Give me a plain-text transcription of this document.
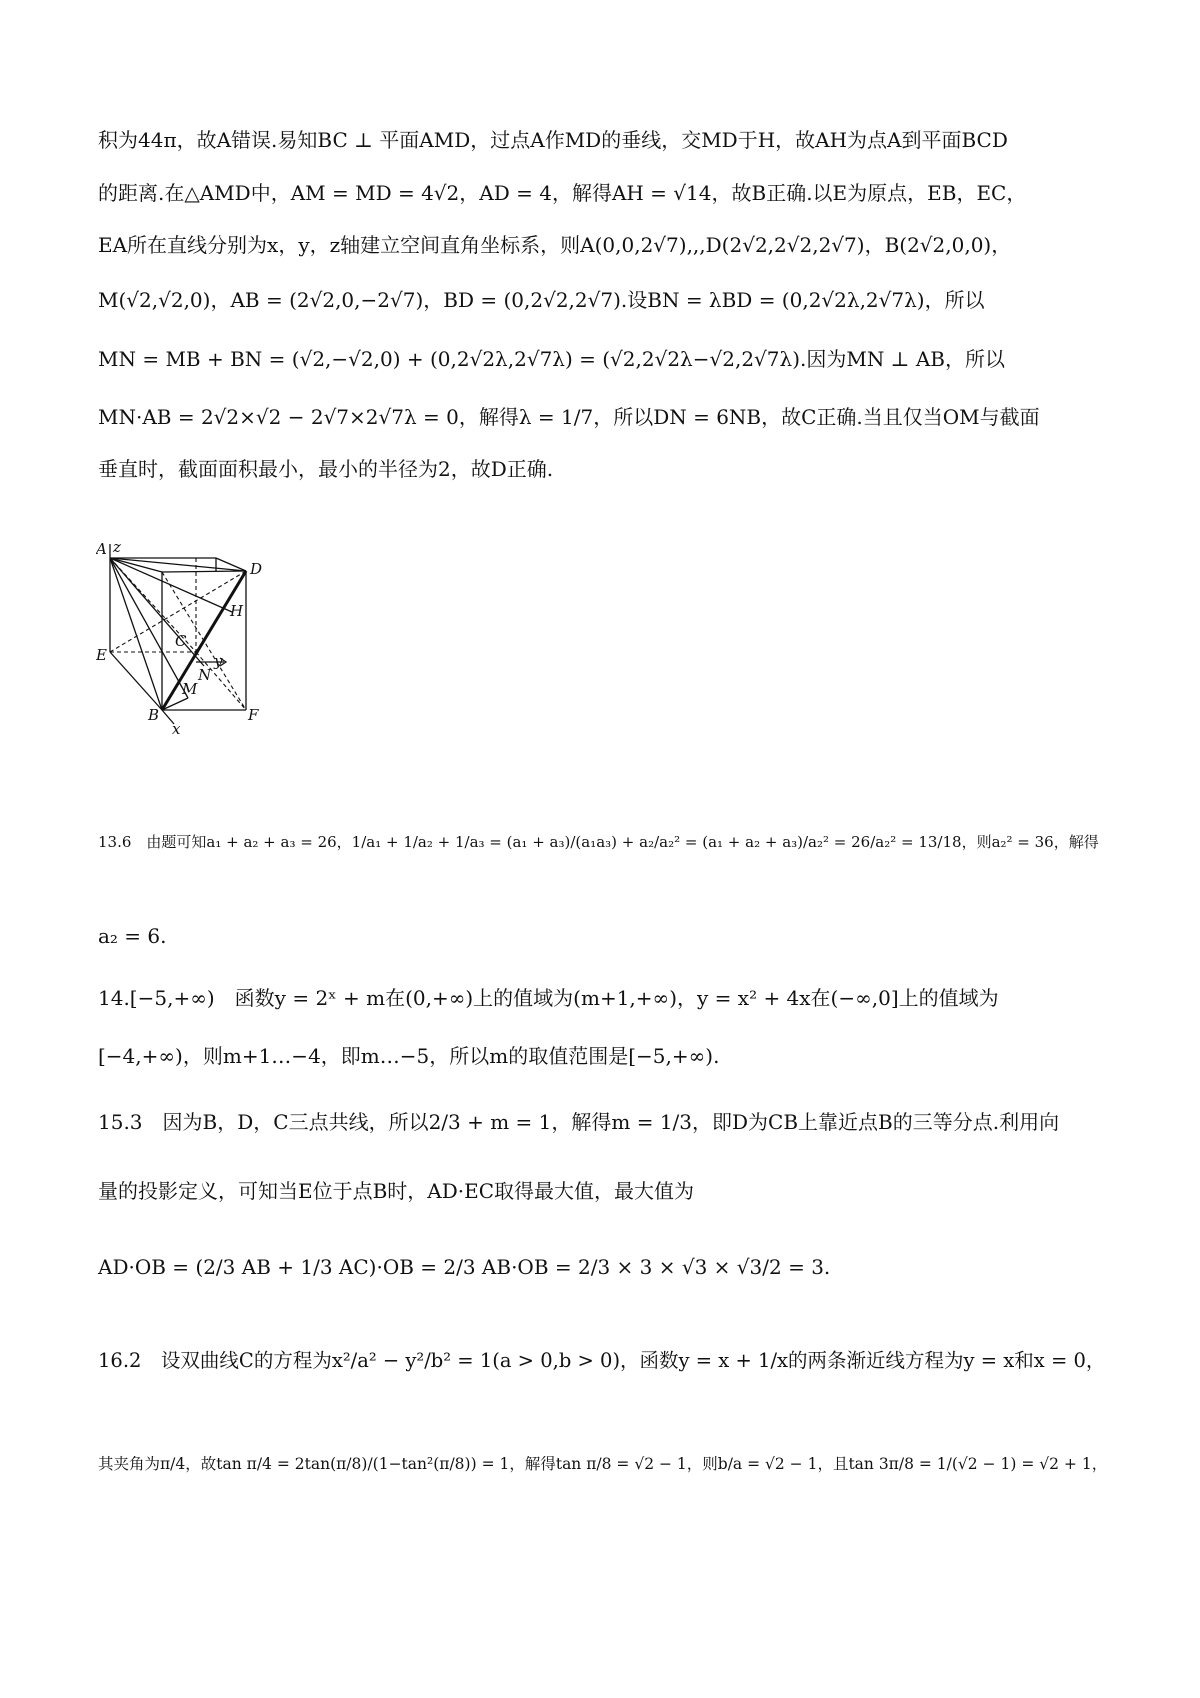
积为44π，故A错误.易知BC ⊥ 平面AMD，过点A作MD的垂线，交MD于H，故AH为点A到平面BCD
的距离.在△AMD中，AM = MD = 4√2，AD = 4，解得AH = √14，故B正确.以E为原点，EB，EC，
EA所在直线分别为x，y，z轴建立空间直角坐标系，则A(0,0,2√7),,,D(2√2,2√2,2√7)，B(2√2,0,0)，
M(√2,√2,0)，AB = (2√2,0,−2√7)，BD = (0,2√2,2√7).设BN = λBD = (0,2√2λ,2√7λ)，所以
MN = MB + BN = (√2,−√2,0) + (0,2√2λ,2√7λ) = (√2,2√2λ−√2,2√7λ).因为MN ⊥ AB，所以
MN·AB = 2√2×√2 − 2√7×2√7λ = 0，解得λ = 1/7，所以DN = 6NB，故C正确.当且仅当OM与截面
垂直时，截面面积最小，最小的半径为2，故D正确.
A z
D
H
C
E	y
N
M
B	F
x
13.6　由题可知a₁ + a₂ + a₃ = 26，1/a₁ + 1/a₂ + 1/a₃ = (a₁ + a₃)/(a₁a₃) + a₂/a₂² = (a₁ + a₂ + a₃)/a₂² = 26/a₂² = 13/18，则a₂² = 36，解得
a₂ = 6.
14.[−5,+∞)　函数y = 2ˣ + m在(0,+∞)上的值域为(m+1,+∞)，y = x² + 4x在(−∞,0]上的值域为
[−4,+∞)，则m+1…−4，即m…−5，所以m的取值范围是[−5,+∞).
15.3　因为B，D，C三点共线，所以2/3 + m = 1，解得m = 1/3，即D为CB上靠近点B的三等分点.利用向
量的投影定义，可知当E位于点B时，AD·EC取得最大值，最大值为
AD·OB = (2/3 AB + 1/3 AC)·OB = 2/3 AB·OB = 2/3 × 3 × √3 × √3/2 = 3.
16.2　设双曲线C的方程为x²/a² − y²/b² = 1(a > 0,b > 0)，函数y = x + 1/x的两条渐近线方程为y = x和x = 0，
其夹角为π/4，故tan π/4 = 2tan(π/8)/(1−tan²(π/8)) = 1，解得tan π/8 = √2 − 1，则b/a = √2 − 1，且tan 3π/8 = 1/(√2 − 1) = √2 + 1，
